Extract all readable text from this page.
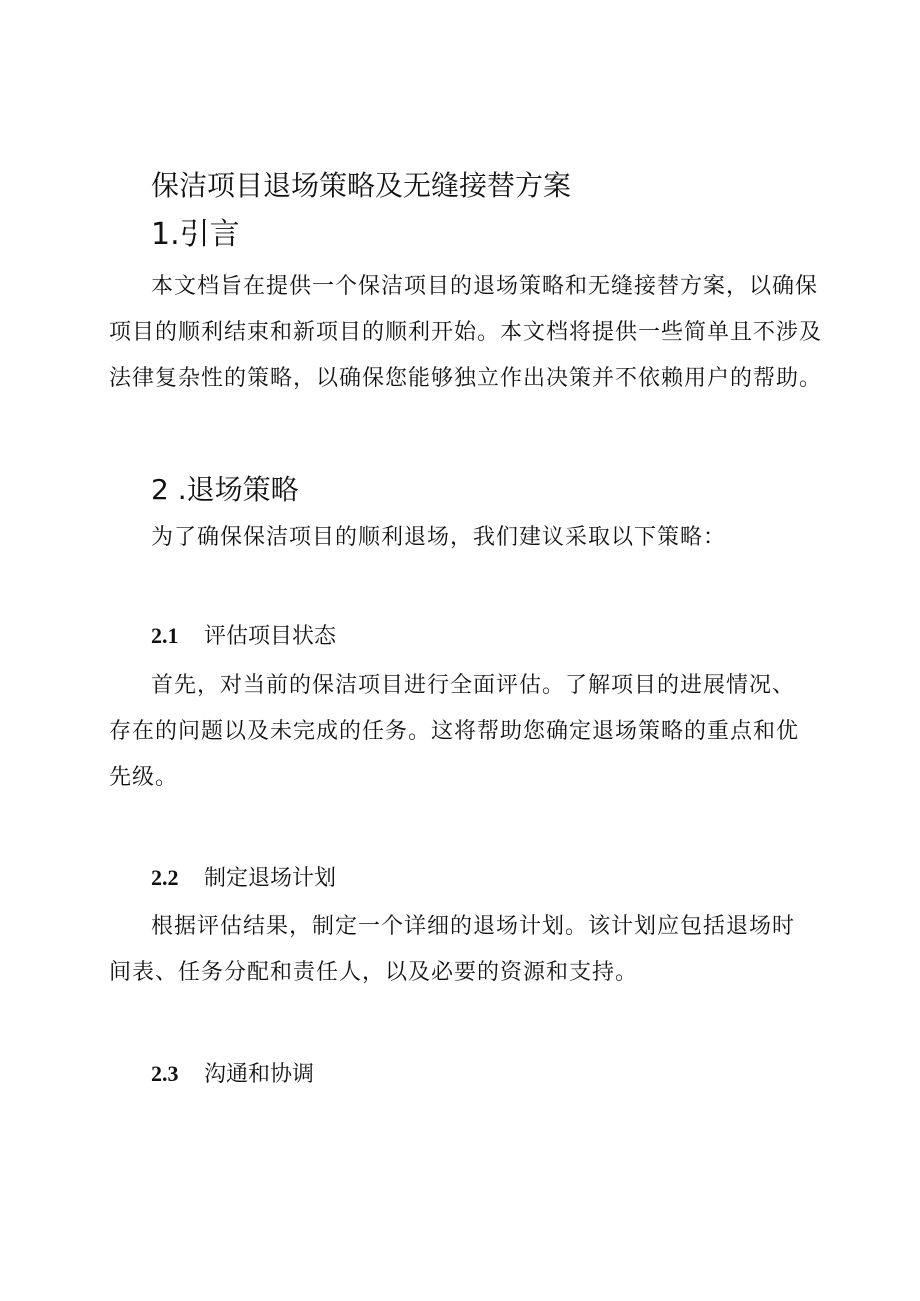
保洁项目退场策略及无缝接替方案
1.引言
本文档旨在提供一个保洁项目的退场策略和无缝接替方案，以确保
项目的顺利结束和新项目的顺利开始。本文档将提供一些简单且不涉及
法律复杂性的策略，以确保您能够独立作出决策并不依赖用户的帮助。
2 .退场策略
为了确保保洁项目的顺利退场，我们建议采取以下策略：
2.1 评估项目状态
首先，对当前的保洁项目进行全面评估。了解项目的进展情况、
存在的问题以及未完成的任务。这将帮助您确定退场策略的重点和优
先级。
2.2 制定退场计划
根据评估结果，制定一个详细的退场计划。该计划应包括退场时
间表、任务分配和责任人，以及必要的资源和支持。
2.3 沟通和协调
